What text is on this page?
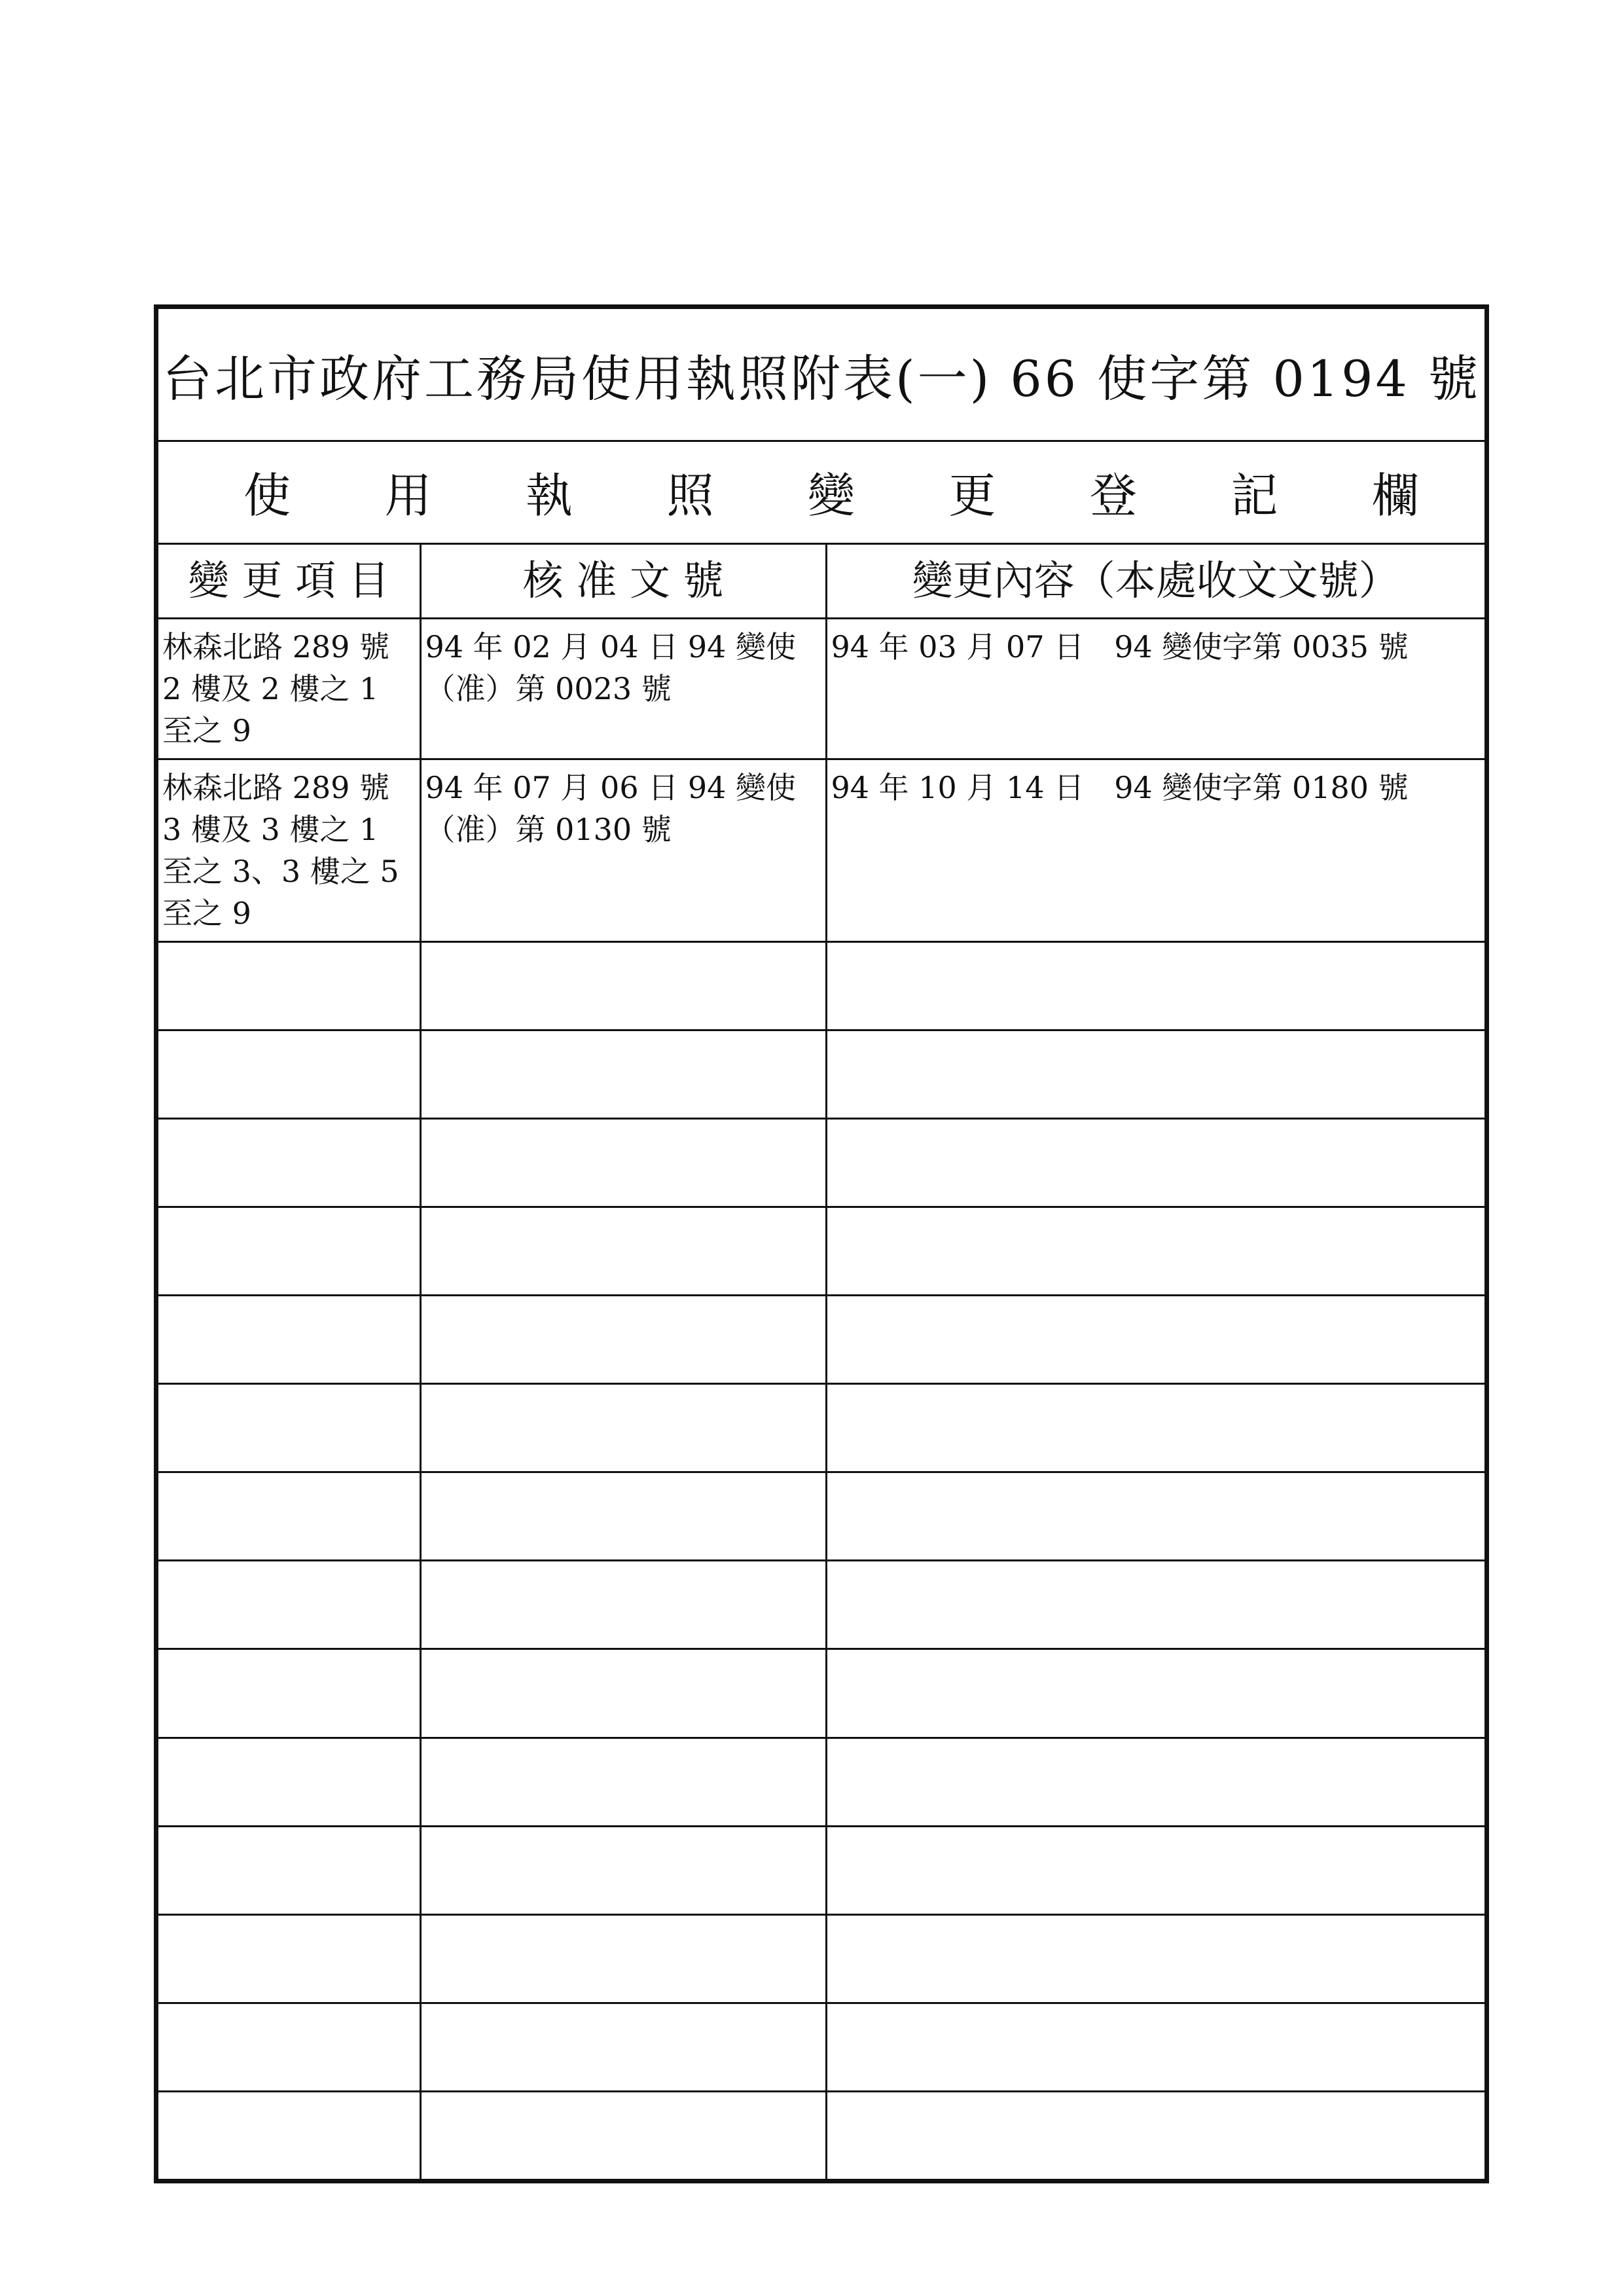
台北市政府工務局使用執照附表(一) 66 使字第 0194 號
使 用 執 照 變 更 登 記 欄
變 更 項 目	核 准 文 號	變更內容（本處收文文號）
林森北路 289 號 2 樓及 2 樓之 1 至之 9	94 年 02 月 04 日 94 變使（准）第 0023 號	94 年 03 月 07 日　94 變使字第 0035 號
林森北路 289 號 3 樓及 3 樓之 1 至之 3、3 樓之 5 至之 9	94 年 07 月 06 日 94 變使（准）第 0130 號	94 年 10 月 14 日　94 變使字第 0180 號
